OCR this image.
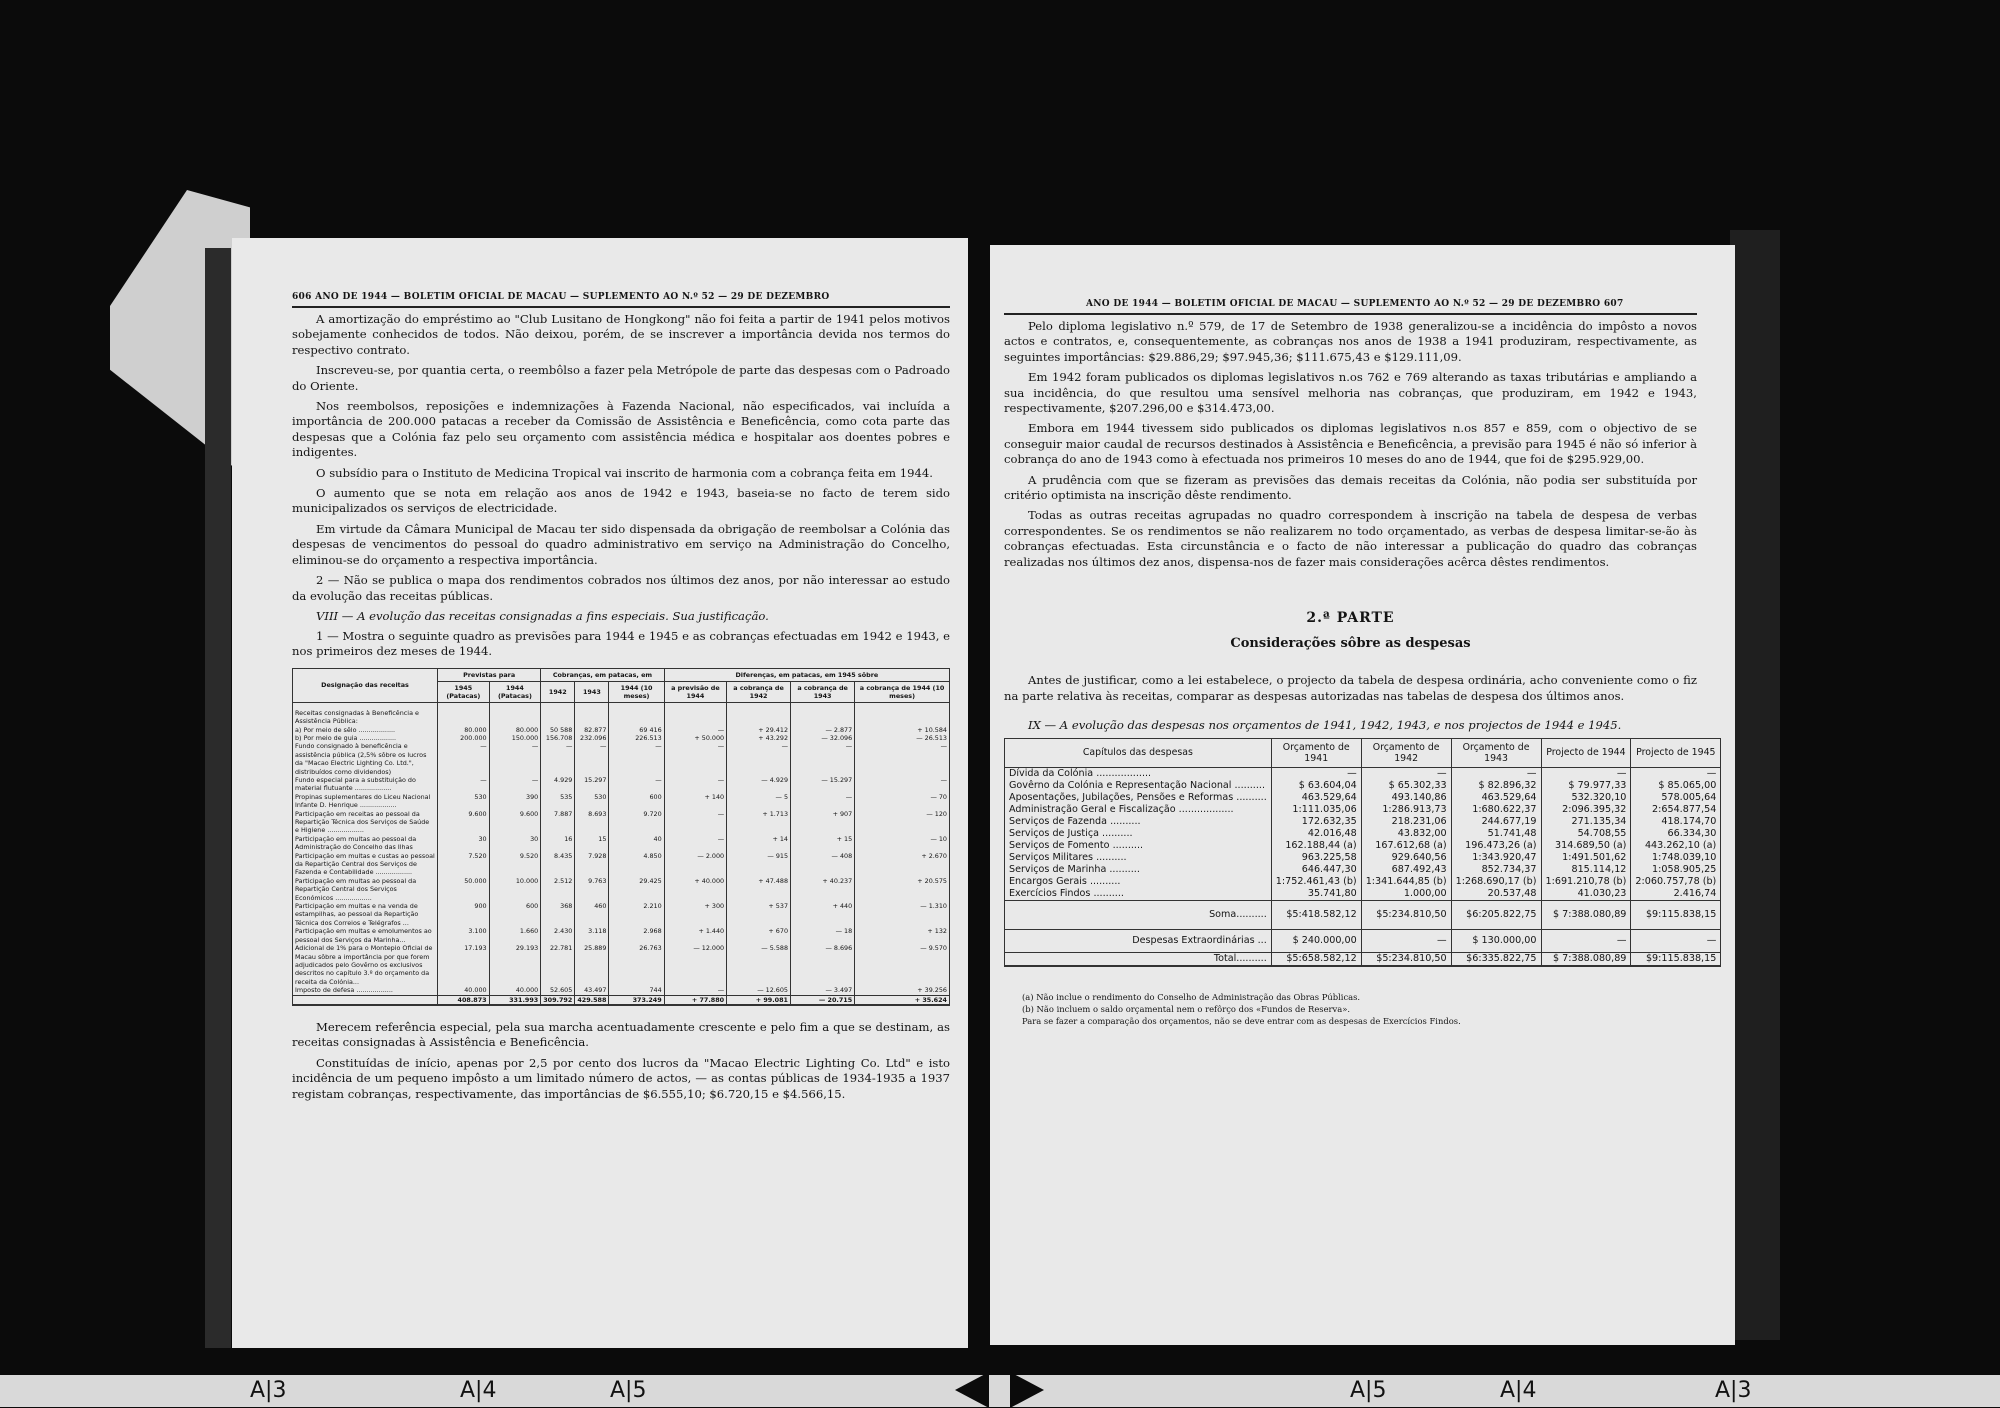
606 ANO DE 1944 — BOLETIM OFICIAL DE MACAU — SUPLEMENTO AO N.º 52 — 29 DE DEZEMBRO

A amortização do empréstimo ao "Club Lusitano de Hongkong" não foi feita a partir de 1941 pelos motivos sobejamente conhecidos de todos. Não deixou, porém, de se inscrever a importância devida nos termos do respectivo contrato.

Inscreveu-se, por quantia certa, o reembôlso a fazer pela Metrópole de parte das despesas com o Padroado do Oriente.

Nos reembolsos, reposições e indemnizações à Fazenda Nacional, não especificados, vai incluída a importância de 200.000 patacas a receber da Comissão de Assistência e Beneficência, como cota parte das despesas que a Colónia faz pelo seu orçamento com assistência médica e hospitalar aos doentes pobres e indigentes.

O subsídio para o Instituto de Medicina Tropical vai inscrito de harmonia com a cobrança feita em 1944.

O aumento que se nota em relação aos anos de 1942 e 1943, baseia-se no facto de terem sido municipalizados os serviços de electricidade.

Em virtude da Câmara Municipal de Macau ter sido dispensada da obrigação de reembolsar a Colónia das despesas de vencimentos do pessoal do quadro administrativo em serviço na Administração do Concelho, eliminou-se do orçamento a respectiva importância.

2 — Não se publica o mapa dos rendimentos cobrados nos últimos dez anos, por não interessar ao estudo da evolução das receitas públicas.

VIII — A evolução das receitas consignadas a fins especiais. Sua justificação.

1 — Mostra o seguinte quadro as previsões para 1944 e 1945 e as cobranças efectuadas em 1942 e 1943, e nos primeiros dez meses de 1944.

Designação das receitas	Previstas para		Cobranças, em patacas, em			Diferenças, em patacas, em 1945 sôbre			
	1945 (Patacas)	1944 (Patacas)	1942	1943	1944 (10 meses)	a previsão de 1944	a cobrança de 1942	a cobrança de 1943	a cobrança de 1944 (10 meses)
Receitas consignadas à Beneficência e Assistência Pública:									
a) Por meio de sêlo ..................	80.000	80.000	50 588	82.877	69 416	—	+ 29.412	— 2.877	+ 10.584
b) Por meio de guia ..................	200.000	150.000	156.708	232.096	226.513	+ 50.000	+ 43.292	— 32.096	— 26.513
Fundo consignado à beneficência e assistência pública (2,5% sôbre os lucros da "Macao Electric Lighting Co. Ltd.", distribuídos como dividendos)	—	—	—	—	—	—	—	—	—
Fundo especial para a substituição do material flutuante ..................	—	—	4.929	15.297	—	—	— 4.929	— 15.297	—
Propinas suplementares do Liceu Nacional Infante D. Henrique ..................	530	390	535	530	600	+ 140	— 5	—	— 70
Participação em receitas ao pessoal da Repartição Técnica dos Serviços de Saúde e Higiene ..................	9.600	9.600	7.887	8.693	9.720	—	+ 1.713	+ 907	— 120
Participação em multas ao pessoal da Administração do Concelho das Ilhas	30	30	16	15	40	—	+ 14	+ 15	— 10
Participação em multas e custas ao pessoal da Repartição Central dos Serviços de Fazenda e Contabilidade ..................	7.520	9.520	8.435	7.928	4.850	— 2.000	— 915	— 408	+ 2.670
Participação em multas ao pessoal da Repartição Central dos Serviços Económicos ..................	50.000	10.000	2.512	9.763	29.425	+ 40.000	+ 47.488	+ 40.237	+ 20.575
Participação em multas e na venda de estampilhas, ao pessoal da Repartição Técnica dos Correios e Telégrafos ...	900	600	368	460	2.210	+ 300	+ 537	+ 440	— 1.310
Participação em multas e emolumentos ao pessoal dos Serviços da Marinha...	3.100	1.660	2.430	3.118	2.968	+ 1.440	+ 670	— 18	+ 132
Adicional de 1% para o Montepio Oficial de Macau sôbre a importância por que forem adjudicados pelo Govêrno os exclusivos descritos no capítulo 3.º do orçamento da receita da Colónia...	17.193	29.193	22.781	25.889	26.763	— 12.000	— 5.588	— 8.696	— 9.570
Imposto de defesa ..................	40.000	40.000	52.605	43.497	744	—	— 12.605	— 3.497	+ 39.256
	408.873	331.993	309.792	429.588	373.249	+ 77.880	+ 99.081	— 20.715	+ 35.624

Merecem referência especial, pela sua marcha acentuadamente crescente e pelo fim a que se destinam, as receitas consignadas à Assistência e Beneficência.

Constituídas de início, apenas por 2,5 por cento dos lucros da "Macao Electric Lighting Co. Ltd" e isto incidência de um pequeno impôsto a um limitado número de actos, — as contas públicas de 1934-1935 a 1937 registam cobranças, respectivamente, das importâncias de $6.555,10; $6.720,15 e $4.566,15.

ANO DE 1944 — BOLETIM OFICIAL DE MACAU — SUPLEMENTO AO N.º 52 — 29 DE DEZEMBRO 607

Pelo diploma legislativo n.º 579, de 17 de Setembro de 1938 generalizou-se a incidência do impôsto a novos actos e contratos, e, consequentemente, as cobranças nos anos de 1938 a 1941 produziram, respectivamente, as seguintes importâncias: $29.886,29; $97.945,36; $111.675,43 e $129.111,09.

Em 1942 foram publicados os diplomas legislativos n.os 762 e 769 alterando as taxas tributárias e ampliando a sua incidência, do que resultou uma sensível melhoria nas cobranças, que produziram, em 1942 e 1943, respectivamente, $207.296,00 e $314.473,00.

Embora em 1944 tivessem sido publicados os diplomas legislativos n.os 857 e 859, com o objectivo de se conseguir maior caudal de recursos destinados à Assistência e Beneficência, a previsão para 1945 é não só inferior à cobrança do ano de 1943 como à efectuada nos primeiros 10 meses do ano de 1944, que foi de $295.929,00.

A prudência com que se fizeram as previsões das demais receitas da Colónia, não podia ser substituída por critério optimista na inscrição dêste rendimento.

Todas as outras receitas agrupadas no quadro correspondem à inscrição na tabela de despesa de verbas correspondentes. Se os rendimentos se não realizarem no todo orçamentado, as verbas de despesa limitar-se-ão às cobranças efectuadas. Esta circunstância e o facto de não interessar a publicação do quadro das cobranças realizadas nos últimos dez anos, dispensa-nos de fazer mais considerações acêrca dêstes rendimentos.

2.ª PARTE
Considerações sôbre as despesas

Antes de justificar, como a lei estabelece, o projecto da tabela de despesa ordinária, acho conveniente como o fiz na parte relativa às receitas, comparar as despesas autorizadas nas tabelas de despesa dos últimos anos.

IX — A evolução das despesas nos orçamentos de 1941, 1942, 1943, e nos projectos de 1944 e 1945.

Capítulos das despesas	Orçamento de 1941	Orçamento de 1942	Orçamento de 1943	Projecto de 1944	Projecto de 1945
Dívida da Colónia ..................	—	—	—	—	—
Govêrno da Colónia e Representação Nacional ..........	$ 63.604,04	$ 65.302,33	$ 82.896,32	$ 79.977,33	$ 85.065,00
Aposentações, Jubilações, Pensões e Reformas ..........	463.529,64	493.140,86	463.529,64	532.320,10	578.005,64
Administração Geral e Fiscalização ..................	1:111.035,06	1:286.913,73	1:680.622,37	2:096.395,32	2:654.877,54
Serviços de Fazenda ..........	172.632,35	218.231,06	244.677,19	271.135,34	418.174,70
Serviços de Justiça ..........	42.016,48	43.832,00	51.741,48	54.708,55	66.334,30
Serviços de Fomento ..........	162.188,44 (a)	167.612,68 (a)	196.473,26 (a)	314.689,50 (a)	443.262,10 (a)
Serviços Militares ..........	963.225,58	929.640,56	1:343.920,47	1:491.501,62	1:748.039,10
Serviços de Marinha ..........	646.447,30	687.492,43	852.734,37	815.114,12	1:058.905,25
Encargos Gerais ..........	1:752.461,43 (b)	1:341.644,85 (b)	1:268.690,17 (b)	1:691.210,78 (b)	2:060.757,78 (b)
Exercícios Findos ..........	35.741,80	1.000,00	20.537,48	41.030,23	2.416,74
Soma..........	$5:418.582,12	$5:234.810,50	$6:205.822,75	$ 7:388.080,89	$9:115.838,15
Despesas Extraordinárias ...	$ 240.000,00	—	$ 130.000,00	—	—
Total..........	$5:658.582,12	$5:234.810,50	$6:335.822,75	$ 7:388.080,89	$9:115.838,15
(a) Não inclue o rendimento do Conselho de Administração das Obras Públicas.
(b) Não incluem o saldo orçamental nem o refôrço dos «Fundos de Reserva».
Para se fazer a comparação dos orçamentos, não se deve entrar com as despesas de Exercícios Findos.
A|3	A|4	A|5	A|5	A|4	A|3
